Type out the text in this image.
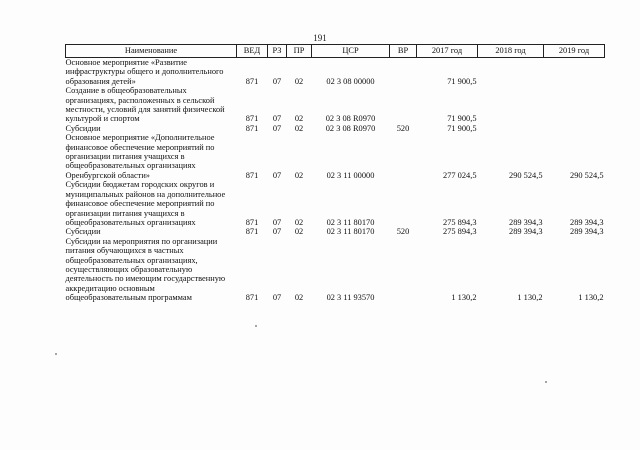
191
Наименование	ВЕД	РЗ	ПР	ЦСР	ВР	2017 год	2018 год	2019 год
Основное мероприятие «Развитие инфраструктуры общего и дополнительного образования детей»	871	07	02	02 3 08 00000		71 900,5		
Создание в общеобразовательных организациях, расположенных в сельской местности, условий для занятий физической культурой и спортом	871	07	02	02 3 08 R0970		71 900,5		
Субсидии	871	07	02	02 3 08 R0970	520	71 900,5		
Основное мероприятие «Дополнительное финансовое обеспечение мероприятий по организации питания учащихся в общеобразовательных организациях Оренбургской области»	871	07	02	02 3 11 00000		277 024,5	290 524,5	290 524,5
Субсидии бюджетам городских округов и муниципальных районов на дополнительное финансовое обеспечение мероприятий по организации питания учащихся в общеобразовательных организациях	871	07	02	02 3 11 80170		275 894,3	289 394,3	289 394,3
Субсидии	871	07	02	02 3 11 80170	520	275 894,3	289 394,3	289 394,3
Субсидии на мероприятия по организации питания обучающихся в частных общеобразовательных организациях, осуществляющих образовательную деятельность по имеющим государственную аккредитацию основным общеобразовательным программам	871	07	02	02 3 11 93570		1 130,2	1 130,2	1 130,2
